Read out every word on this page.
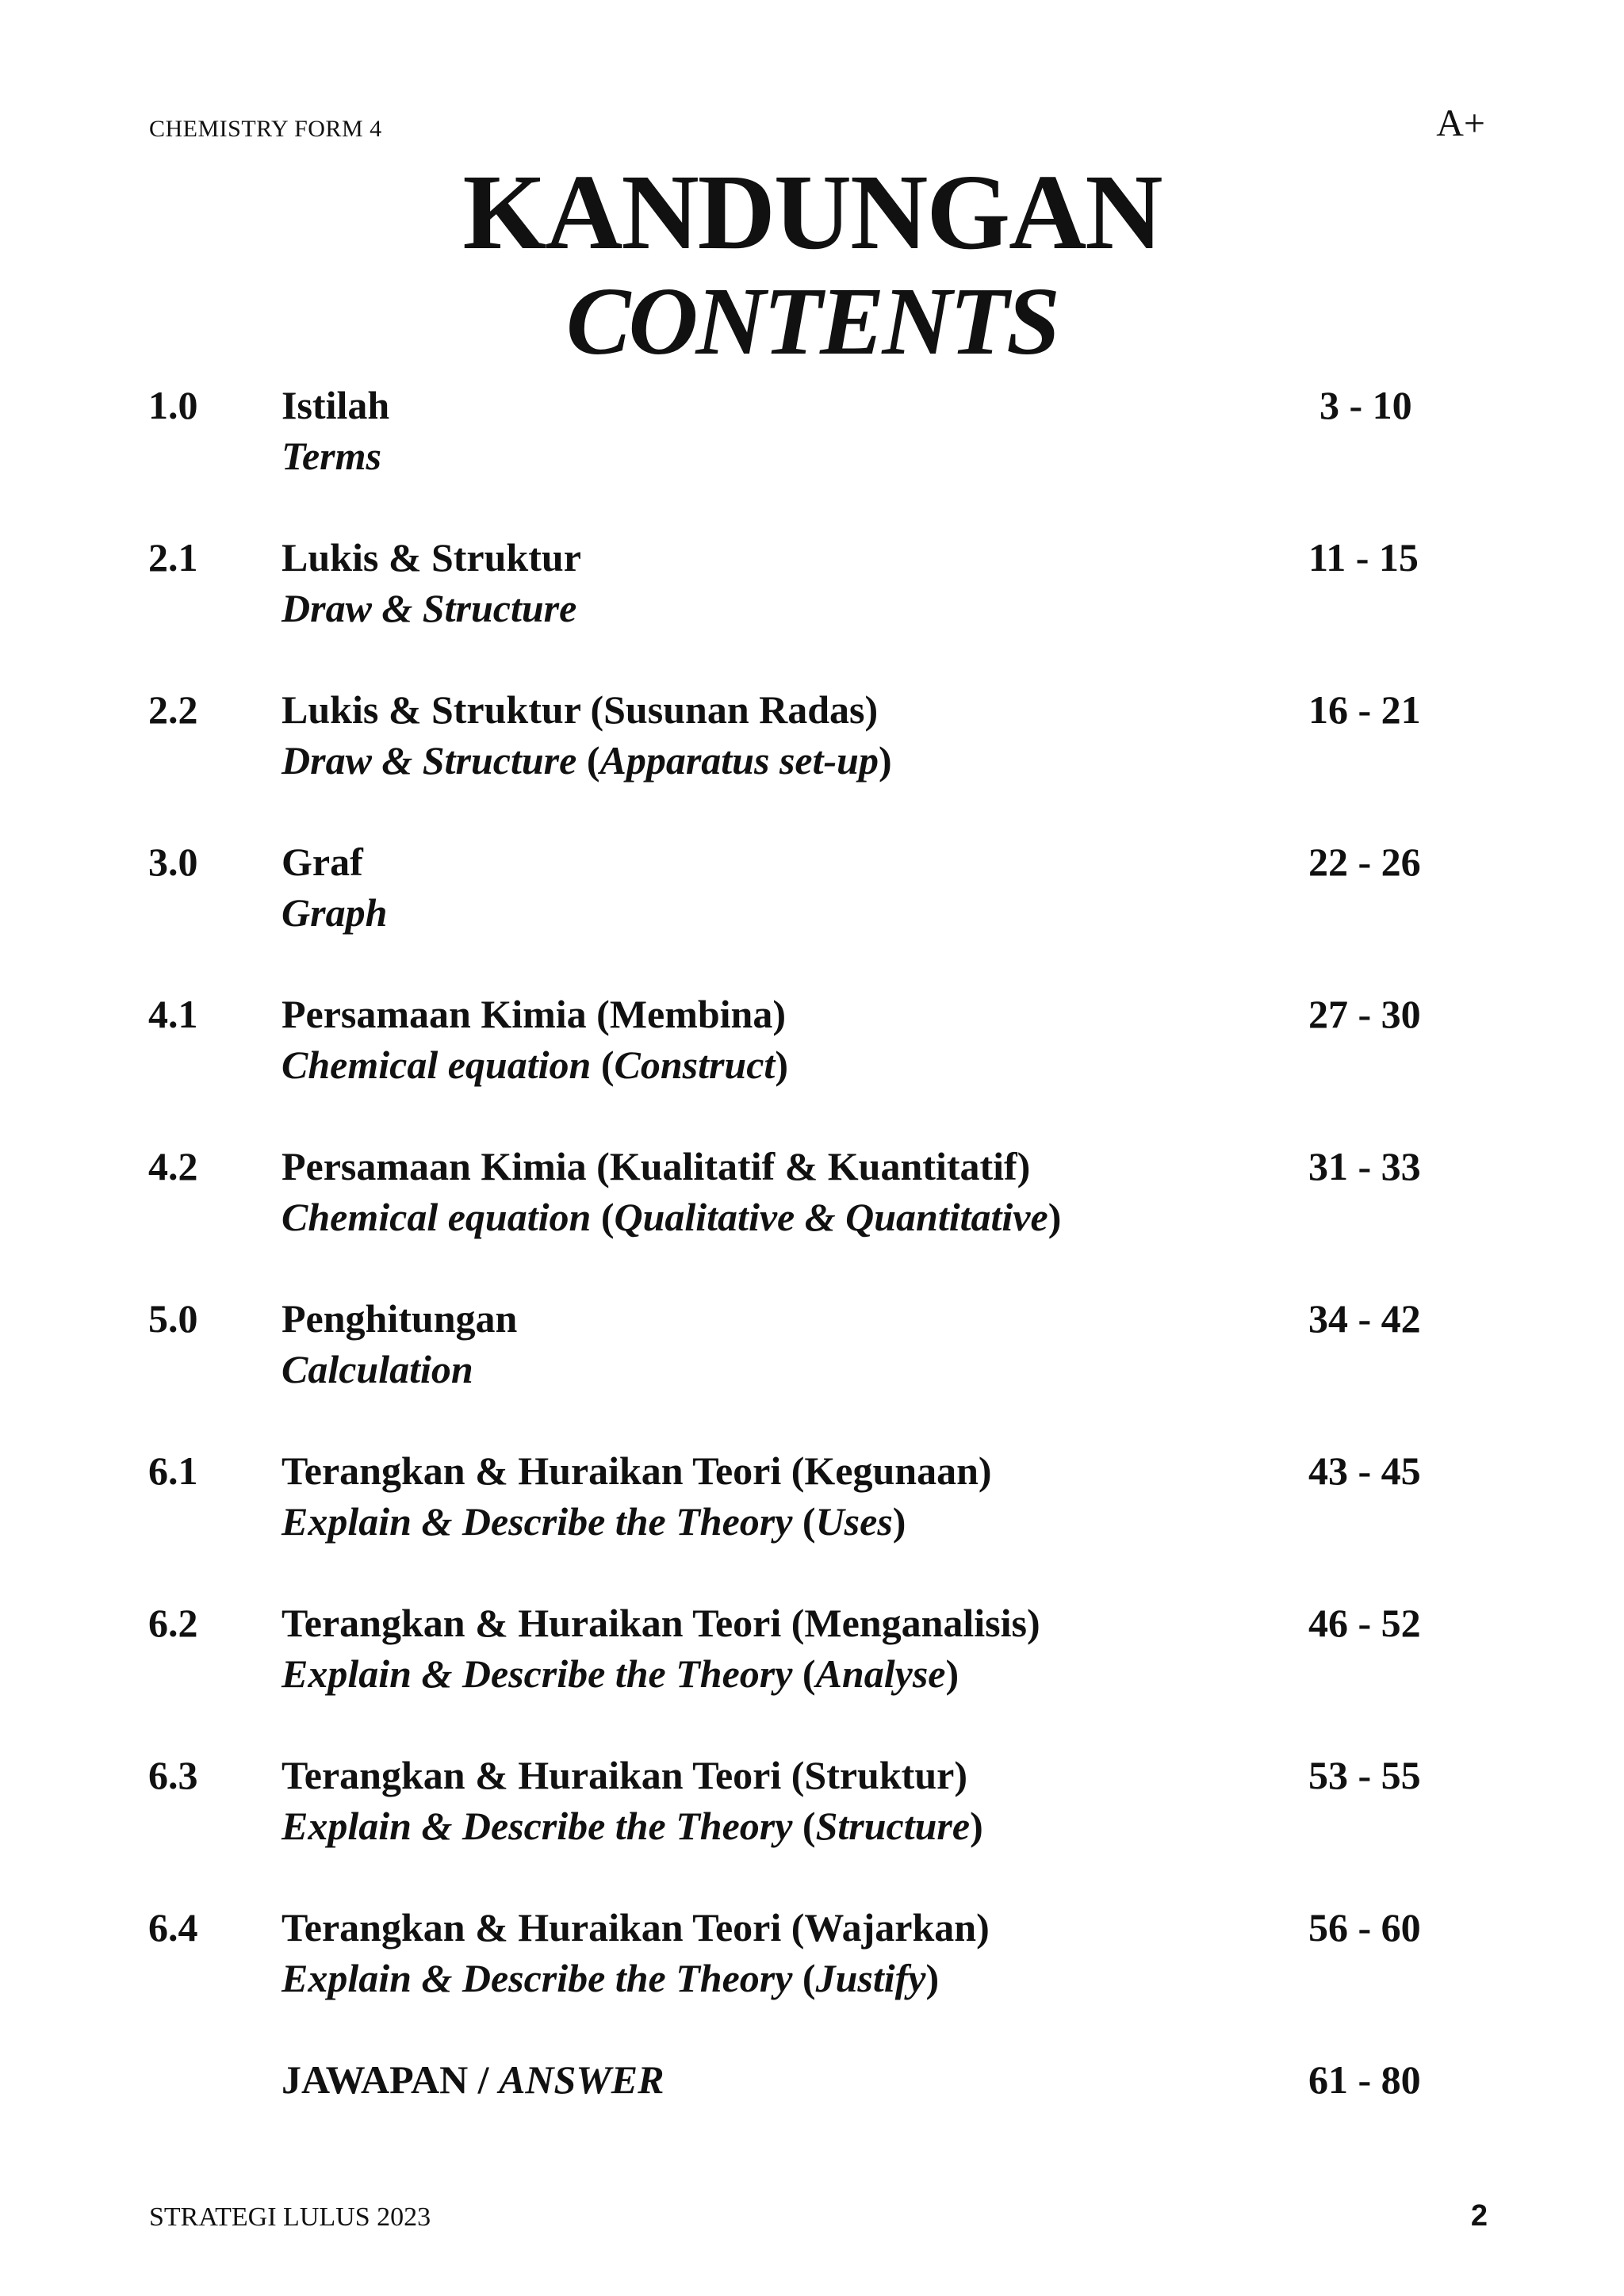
CHEMISTRY FORM 4	A+
KANDUNGAN
CONTENTS
1.0 Istilah
Terms
3 - 10
2.1 Lukis & Struktur
Draw & Structure
11 - 15
2.2 Lukis & Struktur (Susunan Radas)
Draw & Structure (Apparatus set-up)
16 - 21
3.0 Graf
Graph
22 - 26
4.1 Persamaan Kimia (Membina)
Chemical equation (Construct)
27 - 30
4.2 Persamaan Kimia (Kualitatif & Kuantitatif)
Chemical equation (Qualitative & Quantitative)
31 - 33
5.0 Penghitungan
Calculation
34 - 42
6.1 Terangkan & Huraikan Teori (Kegunaan)
Explain & Describe the Theory (Uses)
43 - 45
6.2 Terangkan & Huraikan Teori (Menganalisis)
Explain & Describe the Theory (Analyse)
46 - 52
6.3 Terangkan & Huraikan Teori (Struktur)
Explain & Describe the Theory (Structure)
53 - 55
6.4 Terangkan & Huraikan Teori (Wajarkan)
Explain & Describe the Theory (Justify)
56 - 60
JAWAPAN / ANSWER	61 - 80
STRATEGI LULUS 2023	2
